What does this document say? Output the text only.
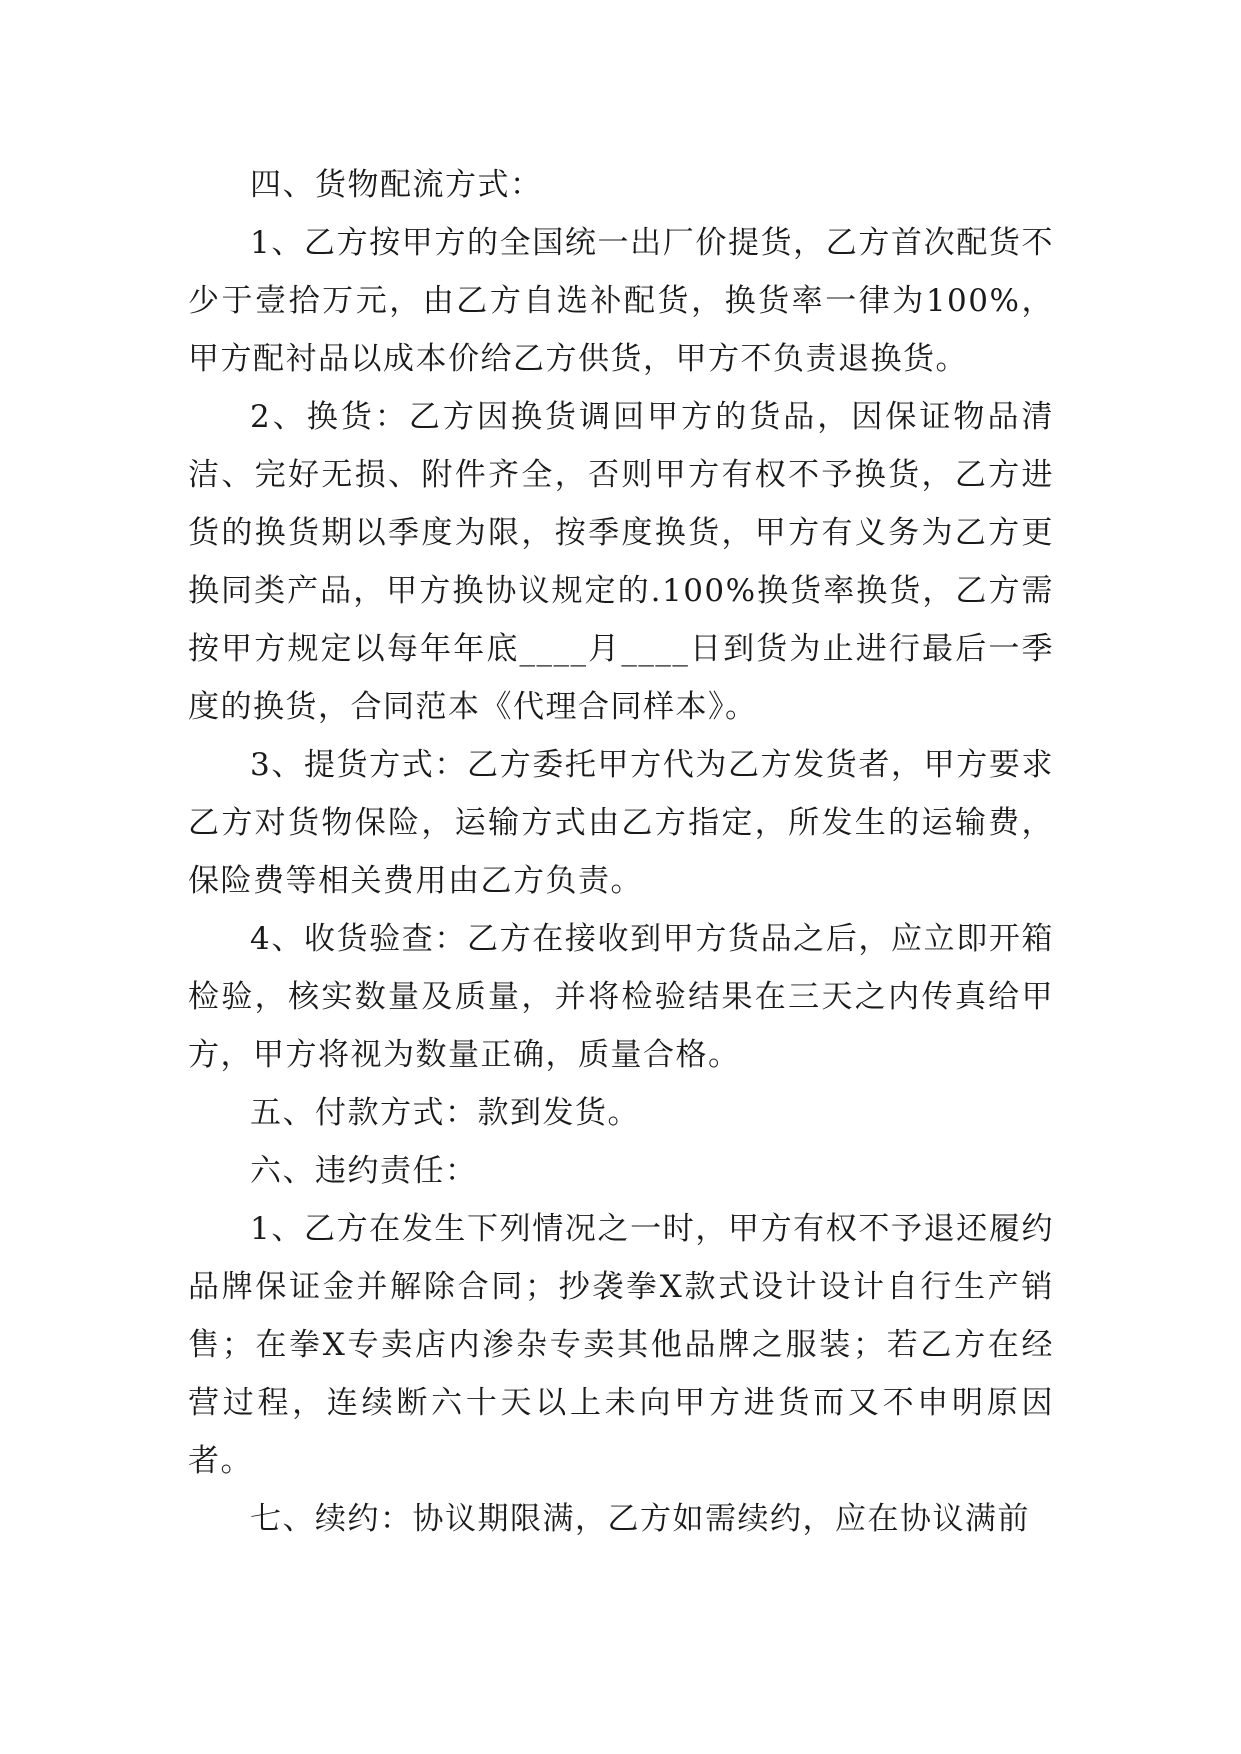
四、货物配流方式：

1、乙方按甲方的全国统一出厂价提货，乙方首次配货不少于壹拾万元，由乙方自选补配货，换货率一律为100%，甲方配衬品以成本价给乙方供货，甲方不负责退换货。

2、换货：乙方因换货调回甲方的货品，因保证物品清洁、完好无损、附件齐全，否则甲方有权不予换货，乙方进货的换货期以季度为限，按季度换货，甲方有义务为乙方更换同类产品，甲方换协议规定的.100%换货率换货，乙方需按甲方规定以每年年底____月____日到货为止进行最后一季度的换货，合同范本《代理合同样本》。

3、提货方式：乙方委托甲方代为乙方发货者，甲方要求乙方对货物保险，运输方式由乙方指定，所发生的运输费，保险费等相关费用由乙方负责。

4、收货验查：乙方在接收到甲方货品之后，应立即开箱检验，核实数量及质量，并将检验结果在三天之内传真给甲方，甲方将视为数量正确，质量合格。

五、付款方式：款到发货。

六、违约责任：

1、乙方在发生下列情况之一时，甲方有权不予退还履约品牌保证金并解除合同；抄袭拳X款式设计设计自行生产销售；在拳X专卖店内渗杂专卖其他品牌之服装；若乙方在经营过程，连续断六十天以上未向甲方进货而又不申明原因者。

七、续约：协议期限满，乙方如需续约，应在协议满前
